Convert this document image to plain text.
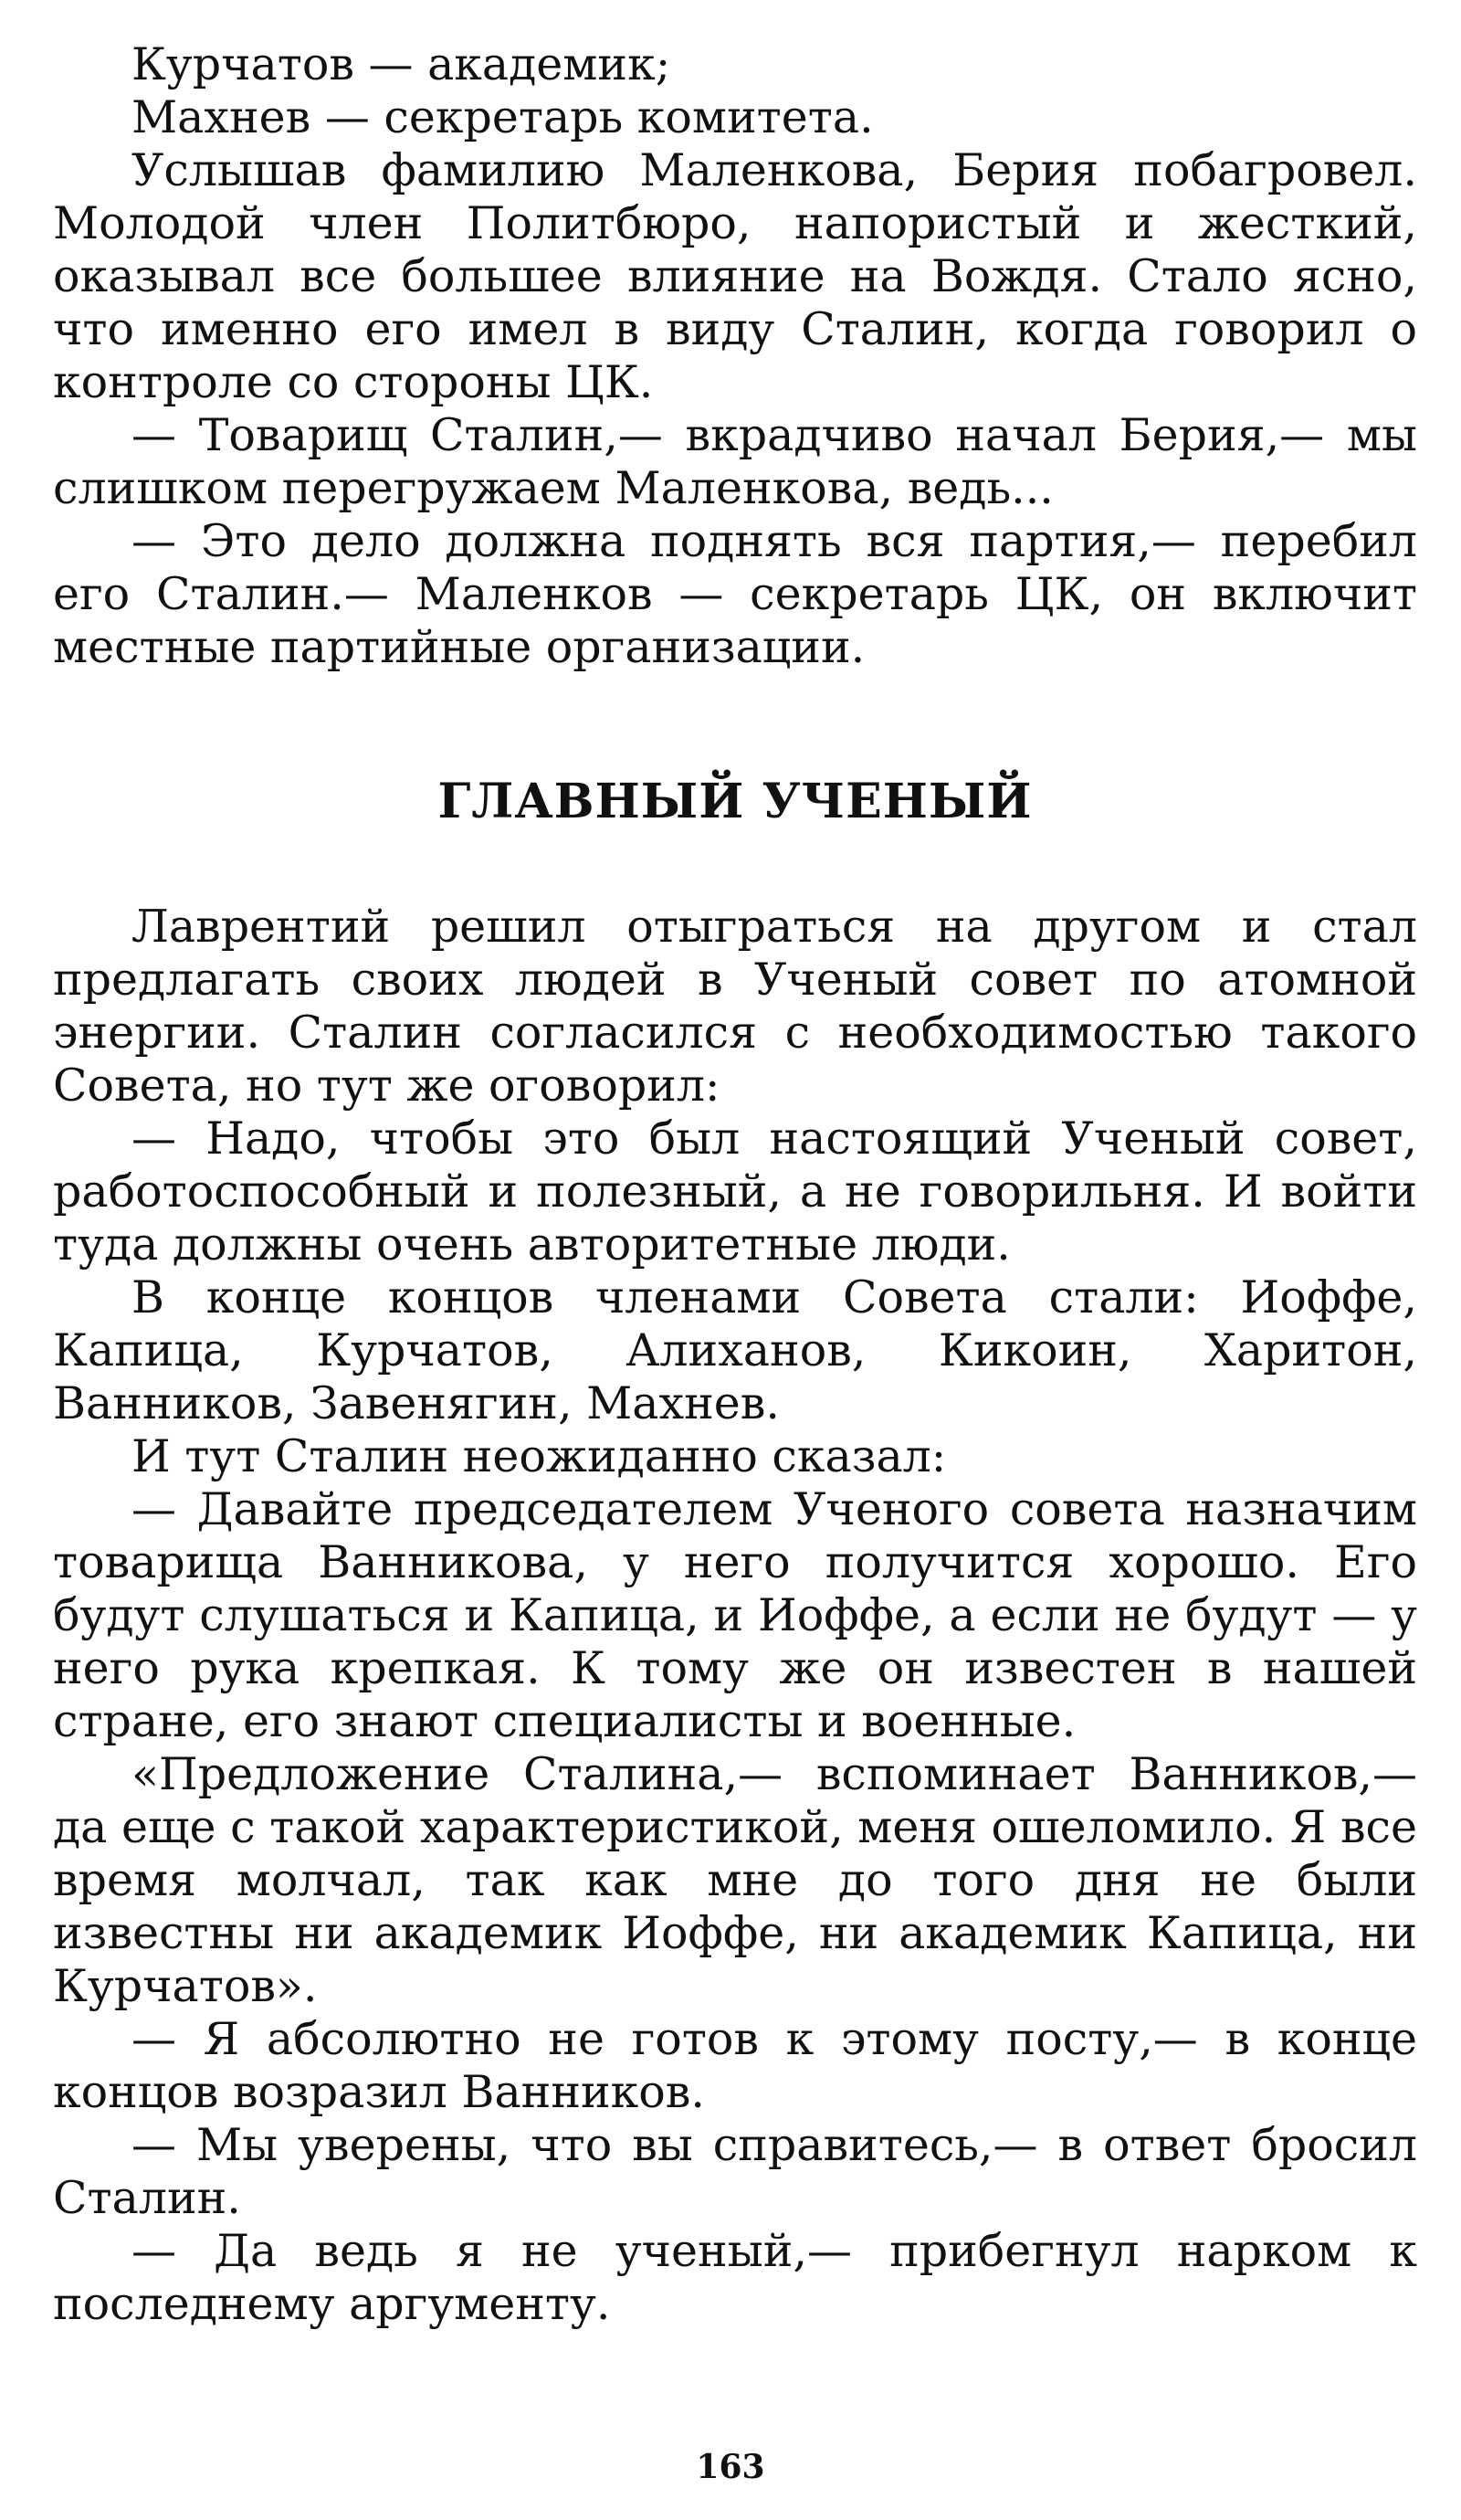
Курчатов — академик;

Махнев — секретарь комитета.

Услышав фамилию Маленкова, Берия побагровел. Молодой член Политбюро, напористый и жесткий, оказывал все большее влияние на Вождя. Стало ясно, что именно его имел в виду Сталин, когда говорил о контроле со стороны ЦК.

— Товарищ Сталин,— вкрадчиво начал Берия,— мы слишком перегружаем Маленкова, ведь...

— Это дело должна поднять вся партия,— перебил его Сталин.— Маленков — секретарь ЦК, он включит местные партийные организации.

ГЛАВНЫЙ УЧЕНЫЙ

Лаврентий решил отыграться на другом и стал предлагать своих людей в Ученый совет по атомной энергии. Сталин согласился с необходимостью такого Совета, но тут же оговорил:

— Надо, чтобы это был настоящий Ученый совет, работоспособный и полезный, а не говорильня. И войти туда должны очень авторитетные люди.

В конце концов членами Совета стали: Иоффе, Капица, Курчатов, Алиханов, Кикоин, Харитон, Ванников, Завенягин, Махнев.

И тут Сталин неожиданно сказал:

— Давайте председателем Ученого совета назначим товарища Ванникова, у него получится хорошо. Его будут слушаться и Капица, и Иоффе, а если не будут — у него рука крепкая. К тому же он известен в нашей стране, его знают специалисты и военные.

«Предложение Сталина,— вспоминает Ванников,— да еще с такой характеристикой, меня ошеломило. Я все время молчал, так как мне до того дня не были известны ни академик Иоффе, ни академик Капица, ни Курчатов».

— Я абсолютно не готов к этому посту,— в конце концов возразил Ванников.

— Мы уверены, что вы справитесь,— в ответ бросил Сталин.

— Да ведь я не ученый,— прибегнул нарком к последнему аргументу.

163
